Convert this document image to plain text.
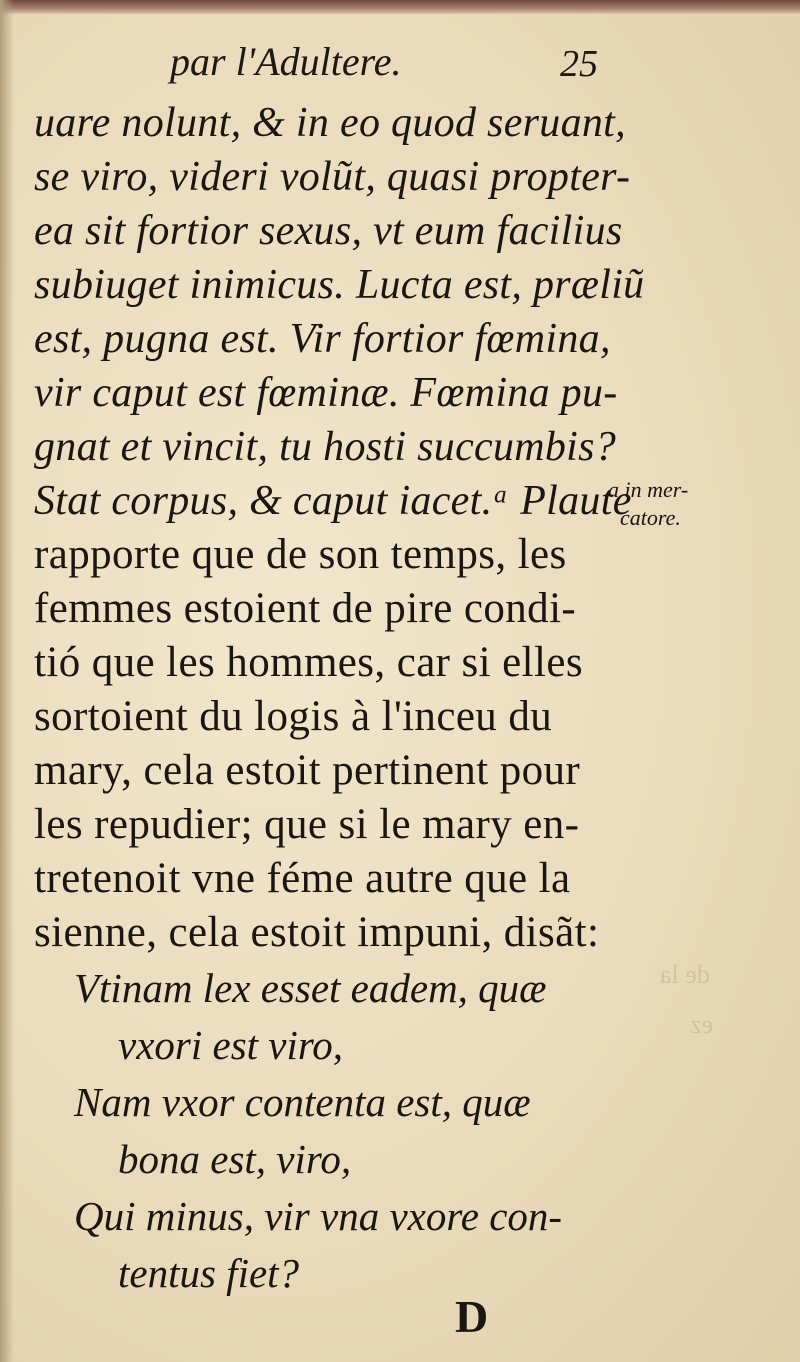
de la
ez
par l'Adultere.	25
uare nolunt, & in eo quod seruant,
se viro, videri volũt, quasi propter-
ea sit fortior sexus, vt eum facilius
subiuget inimicus. Lucta est, præliũ
est, pugna est. Vir fortior fœmina,
vir caput est fœminæ. Fœmina pu-
gnat et vincit, tu hosti succumbis?
Stat corpus, & caput iacet.ᵃ Plaute
rapporte que de son temps, les
femmes estoient de pire condi-
tió que les hommes, car si elles
sortoient du logis à l'inceu du
mary, cela estoit pertinent pour
les repudier; que si le mary en-
tretenoit vne féme autre que la
sienne, cela estoit impuni, disãt:
a in mer-
catore.
Vtinam lex esset eadem, quæ
vxori est viro,
Nam vxor contenta est, quæ
bona est, viro,
Qui minus, vir vna vxore con-
tentus fiet?
D
